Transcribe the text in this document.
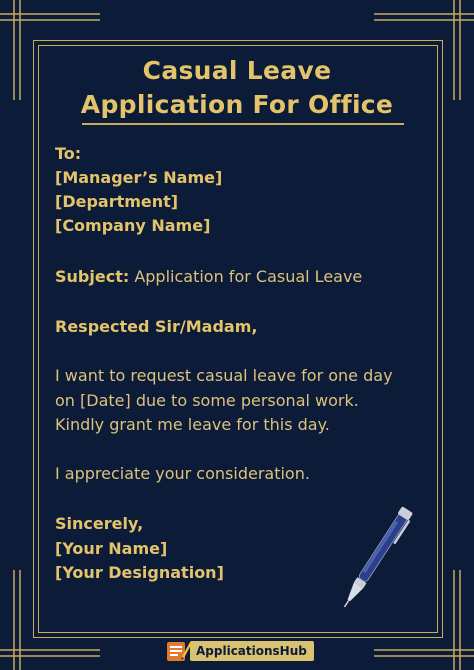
Casual Leave
Application For Office
To:
[Manager’s Name]
[Department]
[Company Name]
Subject: Application for Casual Leave
Respected Sir/Madam,
I want to request casual leave for one day
on [Date] due to some personal work.
Kindly grant me leave for this day.
I appreciate your consideration.
Sincerely,
[Your Name]
[Your Designation]
ApplicationsHub
